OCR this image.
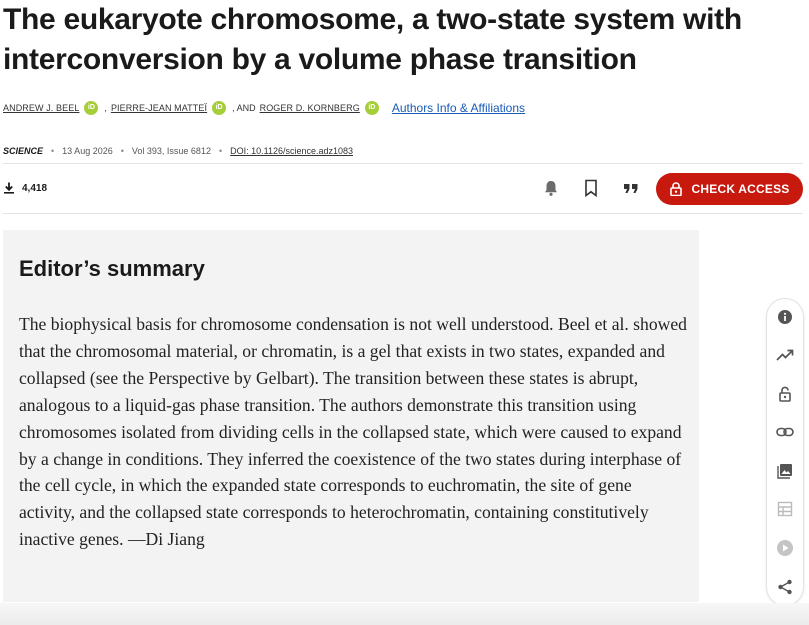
The eukaryote chromosome, a two-state system with interconversion by a volume phase transition
ANDREW J. BEEL	iD	, PIERRE-JEAN MATTEÏ	iD	, AND ROGER D. KORNBERG	iD Authors Info & Affiliations
SCIENCE • 13 Aug 2026 • Vol 393, Issue 6812 • DOI: 10.1126/science.adz1083
4,418	CHECK ACCESS
Editor’s summary

The biophysical basis for chromosome condensation is not well understood. Beel et al. showed that the chromosomal material, or chromatin, is a gel that exists in two states, expanded and collapsed (see the Perspective by Gelbart). The transition between these states is abrupt, analogous to a liquid-gas phase transition. The authors demonstrate this transition using chromosomes isolated from dividing cells in the collapsed state, which were caused to expand by a change in conditions. They inferred the coexistence of the two states during interphase of the cell cycle, in which the expanded state corresponds to euchromatin, the site of gene activity, and the collapsed state corresponds to heterochromatin, containing constitutively inactive genes. —Di Jiang
